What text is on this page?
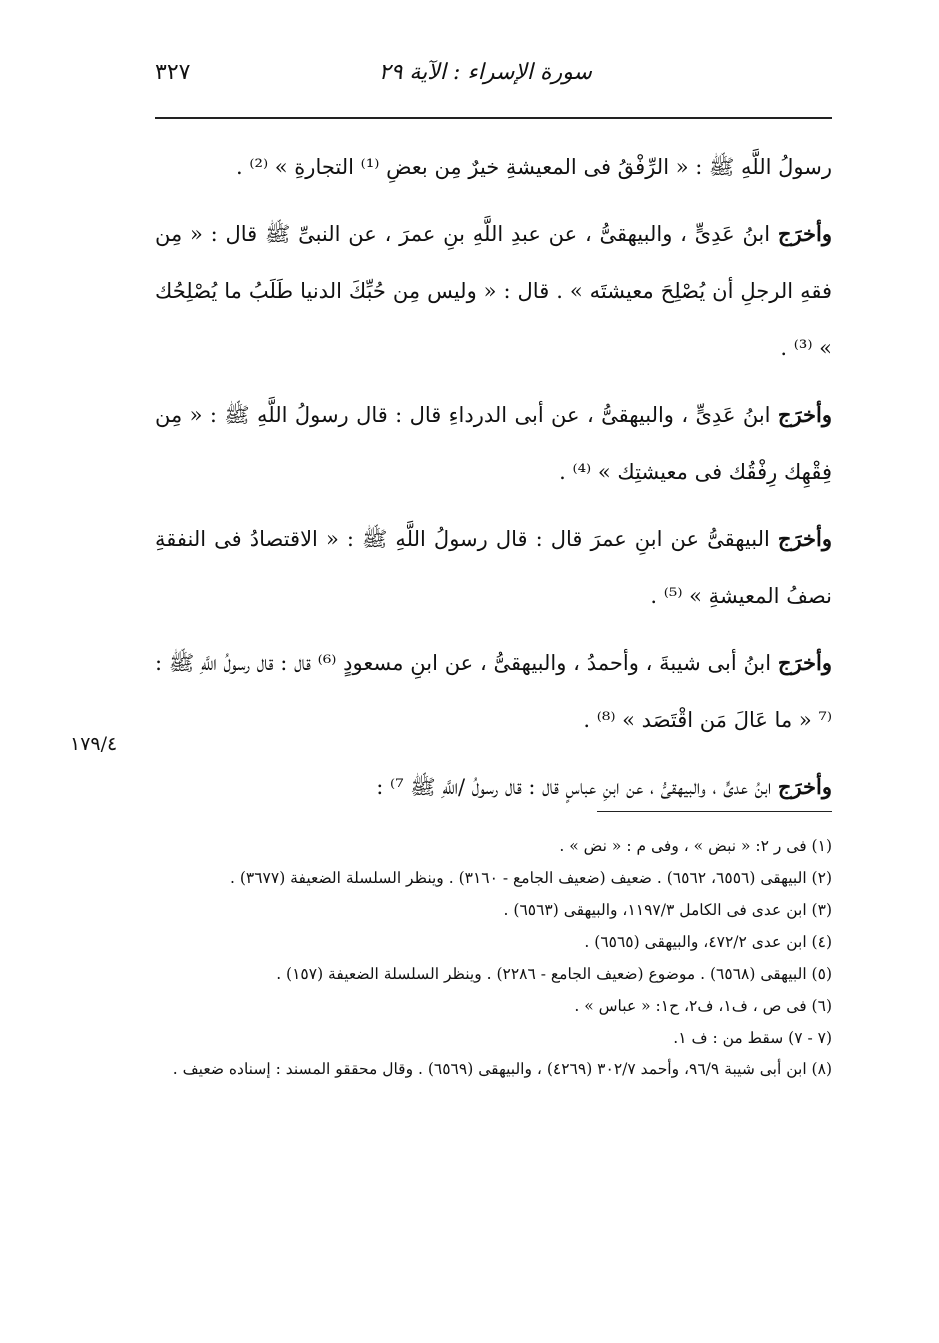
سورة الإسراء : الآية ٢٩
٣٢٧

رسولُ اللَّهِ ﷺ : « الرِّفْقُ فى المعيشةِ خيرٌ مِن بعضِ ⁽¹⁾ التجارةِ » ⁽²⁾ .

وأخرَج ابنُ عَدِىٍّ ، والبيهقىُّ ، عن عبدِ اللَّهِ بنِ عمرَ ، عن النبىِّ ﷺ قال : « مِن فقهِ الرجلِ أن يُصْلِحَ معيشتَه » . قال : « وليس مِن حُبِّكَ الدنيا طَلَبُ ما يُصْلِحُك » ⁽³⁾ .

وأخرَج ابنُ عَدِىٍّ ، والبيهقىُّ ، عن أبى الدرداءِ قال : قال رسولُ اللَّهِ ﷺ : « مِن فِقْهِك رِفْقُك فى معيشتِك » ⁽⁴⁾ .

وأخرَج البيهقىُّ عن ابنِ عمرَ قال : قال رسولُ اللَّهِ ﷺ : « الاقتصادُ فى النفقةِ نصفُ المعيشةِ » ⁽⁵⁾ .

وأخرَج ابنُ أبى شيبةَ ، وأحمدُ ، والبيهقىُّ ، عن ابنِ مسعودٍ ⁽⁶⁾ قال : قال رسولُ اللَّهِ ﷺ : ⁽⁷ « ما عَالَ مَن اقْتَصَد » ⁽⁸⁾ .

وأخرَج ابنُ عدىٍّ ، والبيهقىُّ ، عن ابنِ عباسٍ قال : قال رسولُ /اللَّهِ ﷺ ⁷⁾ :

١٧٩/٤

(١) فى ر ٢: « نبض » ، وفى م : « نض » .

(٢) البيهقى (٦٥٥٦، ٦٥٦٢) . ضعيف (ضعيف الجامع - ٣١٦٠) . وينظر السلسلة الضعيفة (٣٦٧٧) .

(٣) ابن عدى فى الكامل ١١٩٧/٣، والبيهقى (٦٥٦٣) .

(٤) ابن عدى ٤٧٢/٢، والبيهقى (٦٥٦٥) .

(٥) البيهقى (٦٥٦٨) . موضوع (ضعيف الجامع - ٢٢٨٦) . وينظر السلسلة الضعيفة (١٥٧) .

(٦) فى ص ، ف١، ف٢، ح١: « عباس » .

(٧ - ٧) سقط من : ف ١.

(٨) ابن أبى شيبة ٩٦/٩، وأحمد ٣٠٢/٧ (٤٢٦٩) ، والبيهقى (٦٥٦٩) . وقال محققو المسند : إسناده ضعيف .
